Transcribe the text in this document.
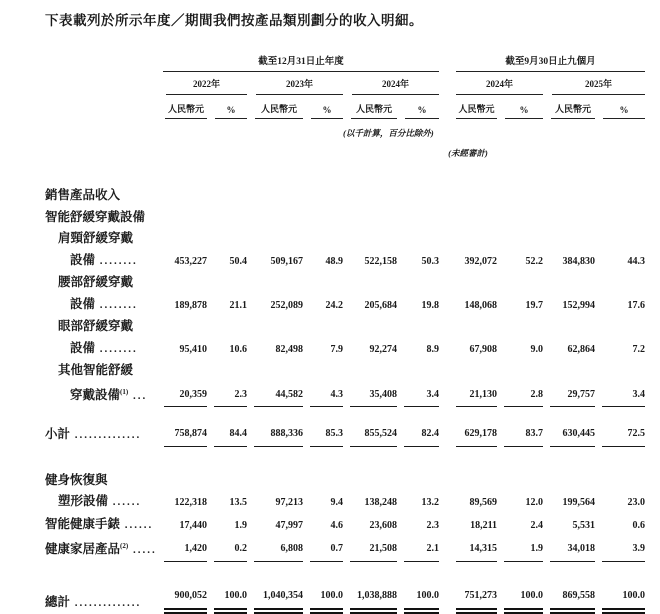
下表載列於所示年度／期間我們按產品類別劃分的收入明細。

	截至12月31日止年度						截至9月30日止九個月			

	2022年		2023年		2024年		2024年		2025年	

	人民幣元	%	人民幣元	%	人民幣元	%	人民幣元	%	人民幣元	%

					(以千計算，百分比除外)					
							(未經審計)			

銷售產品收入										

智能舒緩穿戴設備										

肩頸舒緩穿戴
設備 ........	453,227	50.4	509,167	48.9	522,158	50.3	392,072	52.2	384,830	44.3

腰部舒緩穿戴
設備 ........	189,878	21.1	252,089	24.2	205,684	19.8	148,068	19.7	152,994	17.6

眼部舒緩穿戴
設備 ........	95,410	10.6	82,498	7.9	92,274	8.9	67,908	9.0	62,864	7.2

其他智能舒緩
穿戴設備$^{(1)}$ ...	20,359	2.3	44,582	4.3	35,408	3.4	21,130	2.8	29,757	3.4

小計 ..............	758,874	84.4	888,336	85.3	855,524	82.4	629,178	83.7	630,445	72.5

健身恢復與
塑形設備 ......	122,318	13.5	97,213	9.4	138,248	13.2	89,569	12.0	199,564	23.0

智能健康手錶 ......	17,440	1.9	47,997	4.6	23,608	2.3	18,211	2.4	5,531	0.6

健康家居產品$^{(2)}$ .....	1,420	0.2	6,808	0.7	21,508	2.1	14,315	1.9	34,018	3.9

總計 ..............	900,052	100.0	1,040,354	100.0	1,038,888	100.0	751,273	100.0	869,558	100.0
